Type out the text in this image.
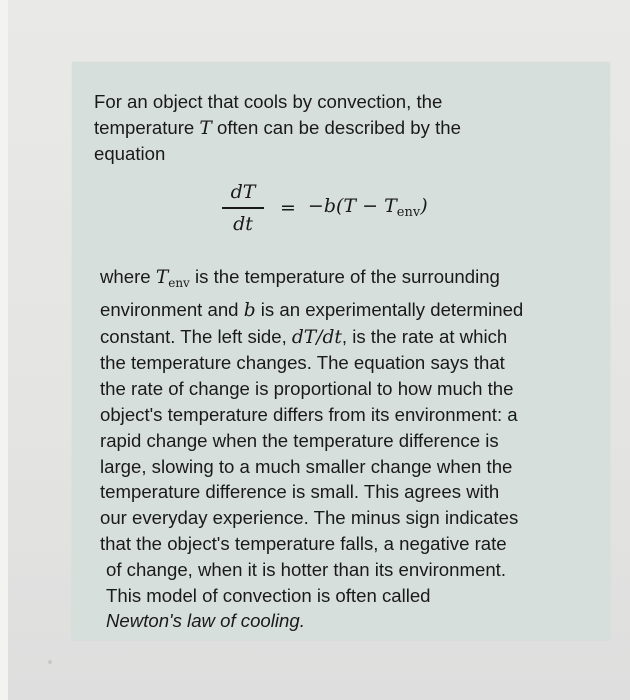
For an object that cools by convection, the
temperature T often can be described by the
equation
$\frac{dT}{dt} = -b(T - T_{env})$
where $T_{env}$ is the temperature of the surrounding
environment and b is an experimentally determined
constant. The left side, dT/dt, is the rate at which
the temperature changes. The equation says that
the rate of change is proportional to how much the
object's temperature differs from its environment: a
rapid change when the temperature difference is
large, slowing to a much smaller change when the
temperature difference is small. This agrees with
our everyday experience. The minus sign indicates
that the object's temperature falls, a negative rate
of change, when it is hotter than its environment.
This model of convection is often called
Newton's law of cooling.
